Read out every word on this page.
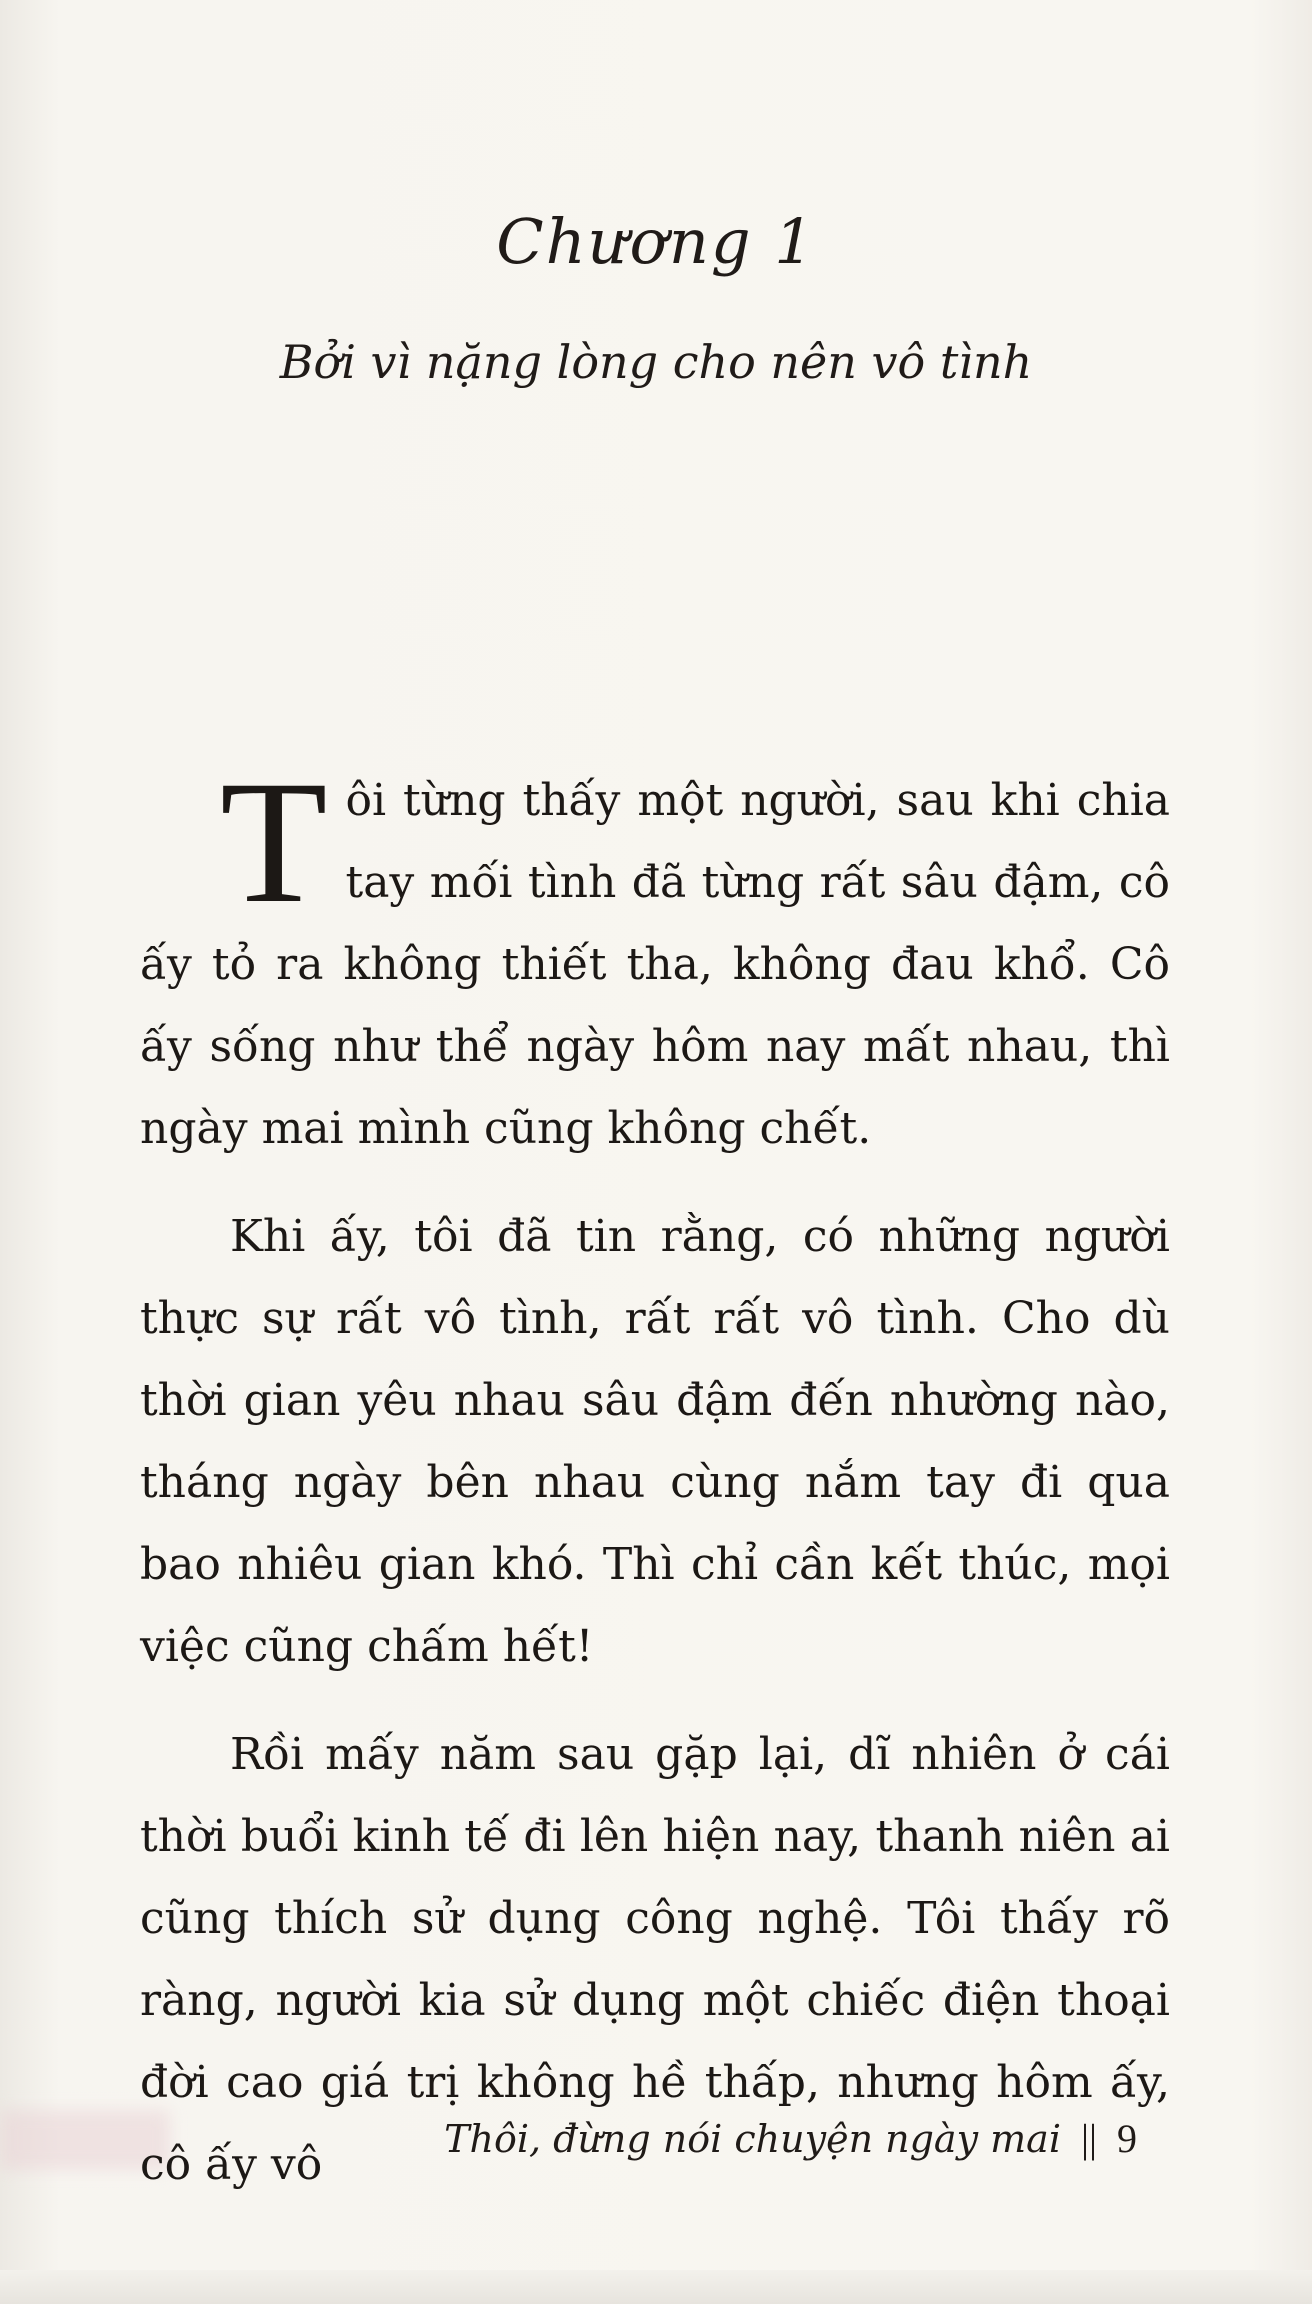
Chương 1
Bởi vì nặng lòng cho nên vô tình

Tôi từng thấy một người, sau khi chia tay mối tình đã từng rất sâu đậm, cô ấy tỏ ra không thiết tha, không đau khổ. Cô ấy sống như thể ngày hôm nay mất nhau, thì ngày mai mình cũng không chết.

Khi ấy, tôi đã tin rằng, có những người thực sự rất vô tình, rất rất vô tình. Cho dù thời gian yêu nhau sâu đậm đến nhường nào, tháng ngày bên nhau cùng nắm tay đi qua bao nhiêu gian khó. Thì chỉ cần kết thúc, mọi việc cũng chấm hết!

Rồi mấy năm sau gặp lại, dĩ nhiên ở cái thời buổi kinh tế đi lên hiện nay, thanh niên ai cũng thích sử dụng công nghệ. Tôi thấy rõ ràng, người kia sử dụng một chiếc điện thoại đời cao giá trị không hề thấp, nhưng hôm ấy, cô ấy vô

Thôi, đừng nói chuyện ngày mai || 9
